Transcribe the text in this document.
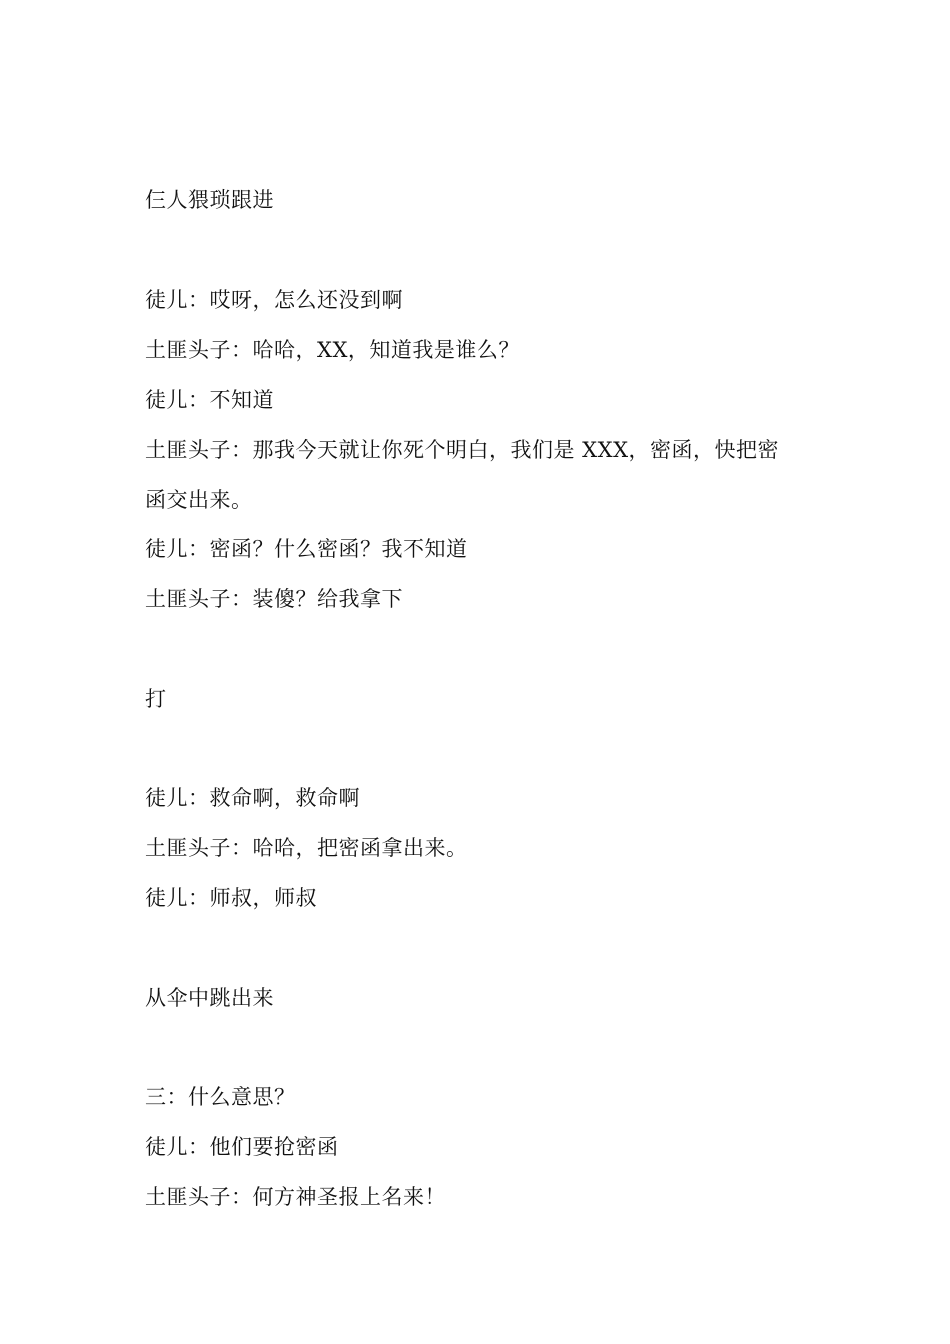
仨人猥琐跟进
徒儿：哎呀，怎么还没到啊
土匪头子：哈哈，XX，知道我是谁么？
徒儿：不知道
土匪头子：那我今天就让你死个明白，我们是 XXX，密函，快把密
函交出来。
徒儿：密函？什么密函？我不知道
土匪头子：装傻？给我拿下
打
徒儿：救命啊，救命啊
土匪头子：哈哈，把密函拿出来。
徒儿：师叔，师叔
从伞中跳出来
三：什么意思？
徒儿：他们要抢密函
土匪头子：何方神圣报上名来！
